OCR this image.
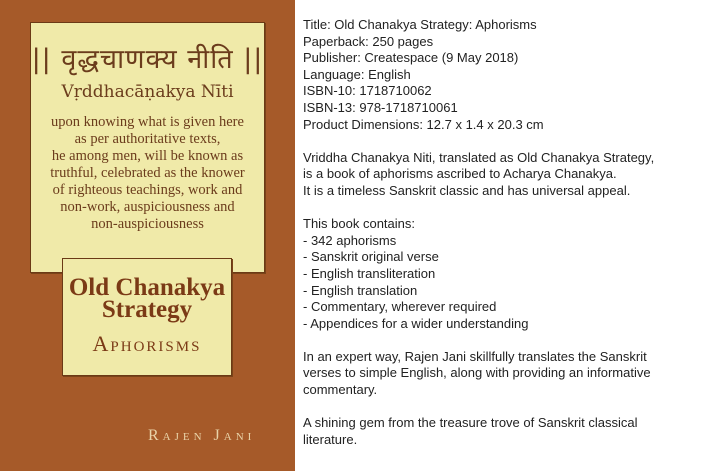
|| वृद्धचाणक्य नीति ||
Vṛddhacāṇakya Nīti
upon knowing what is given here
as per authoritative texts,
he among men, will be known as
truthful, celebrated as the knower
of righteous teachings, work and
non-work, auspiciousness and
non-auspiciousness
Old Chanakya
Strategy
Aphorisms
Rajen Jani
Title: Old Chanakya Strategy: Aphorisms
Paperback: 250 pages
Publisher: Createspace (9 May 2018)
Language: English
ISBN-10: 1718710062
ISBN-13: 978-1718710061
Product Dimensions: 12.7 x 1.4 x 20.3 cm
Vriddha Chanakya Niti, translated as Old Chanakya Strategy,
is a book of aphorisms ascribed to Acharya Chanakya.
It is a timeless Sanskrit classic and has universal appeal.
This book contains:
- 342 aphorisms
- Sanskrit original verse
- English transliteration
- English translation
- Commentary, wherever required
- Appendices for a wider understanding
In an expert way, Rajen Jani skillfully translates the Sanskrit
verses to simple English, along with providing an informative
commentary.
A shining gem from the treasure trove of Sanskrit classical
literature.
